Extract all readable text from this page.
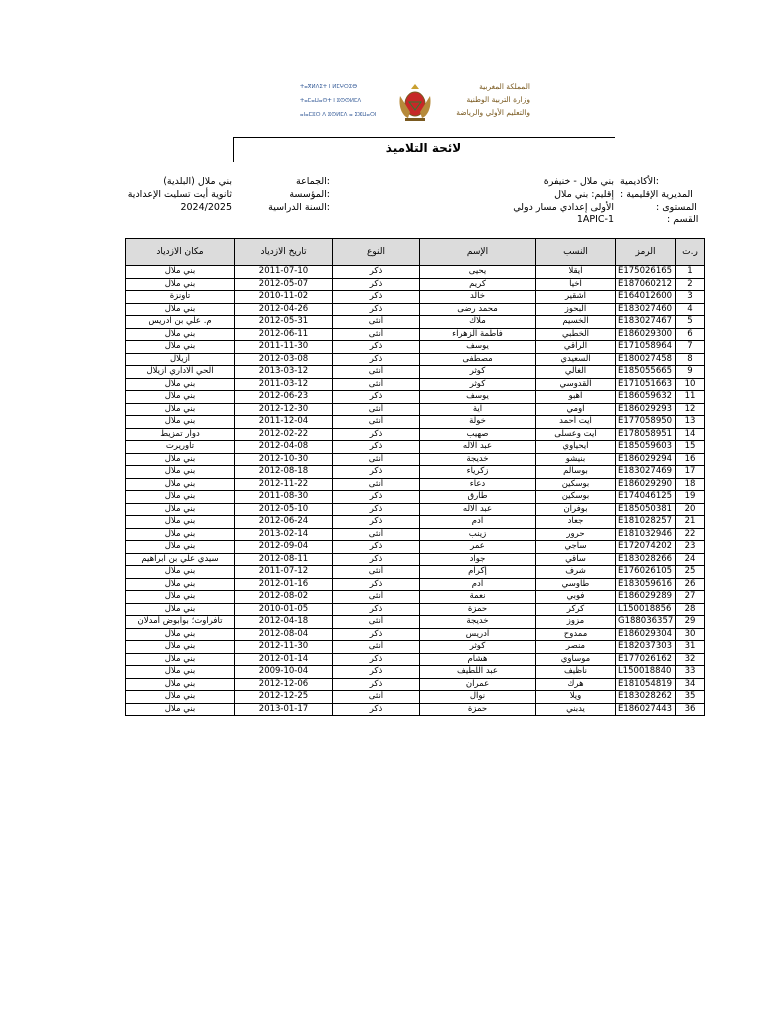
ⵜⴰⴳⵍⴷⵉⵜ ⵏ ⵍⵎⵖⵔⵉⴱ
ⵜⴰⵎⴰⵡⴰⵙⵜ ⵏ ⵓⵙⵙⵍⵎⴷ
ⴰⵏⴰⵎⵓⵔ ⴷ ⵓⵙⵍⵎⴷ ⴰ ⵉⵣⵡⴰⵔⵏ
المملكة المغربية
وزارة التربية الوطنية
والتعليم الأولي والرياضة
لائحة التلاميذ
:الأكاديمية
بني ملال - خنيفرة
المديرية الإقليمية :
إقليم: بني ملال
المستوى :
الأولى إعدادي مسار دولي
القسم :
1APIC-1
:الجماعة
بني ملال (البلدية)
:المؤسسة
ثانوية أيت تسليت الإعدادية
:السنة الدراسية
2024/2025
مكان الازدياد	تاريخ الازدياد	النوع	الإسم	النسب	الرمز	ر.ت
بني ملال	2011-07-10	ذكر	يحيى	ايقلا	E175026165	1
بني ملال	2012-05-07	ذكر	كريم	اخيا	E187060212	2
تاونزة	2010-11-02	ذكر	خالد	اشقير	E164012600	3
بني ملال	2012-04-26	ذكر	محمد رضى	البحوز	E183027460	4
م. علي بن ادريس	2012-05-31	أنثى	ملاك	الخسيم	E183027467	5
بني ملال	2012-06-11	أنثى	فاطمة الزهراء	الخطبي	E186029300	6
بني ملال	2011-11-30	ذكر	يوسف	الراقي	E171058964	7
أزيلال	2012-03-08	ذكر	مصطفى	السعيدي	E180027458	8
الحي الاداري ازيلال	2013-03-12	أنثى	كوثر	الغالي	E185055665	9
بني ملال	2011-03-12	أنثى	كوثر	القدوسي	E171051663	10
بني ملال	2012-06-23	ذكر	يوسف	اهبو	E186059632	11
بني ملال	2012-12-30	أنثى	آية	اومي	E186029293	12
بني ملال	2011-12-04	أنثى	خولة	ايت أحمد	E177058950	13
دوار تمزيط	2012-02-22	ذكر	صهيب	ايت وعسلى	E178058951	14
تاوريرت	2012-04-08	ذكر	عبد الاله	ايحياوي	E185059603	15
بني ملال	2012-10-30	أنثى	خديجة	بنيشو	E186029294	16
بني ملال	2012-08-18	ذكر	زكرياء	بوسالم	E183027469	17
بني ملال	2012-11-22	أنثى	دعاء	بوسكين	E186029290	18
بني ملال	2011-08-30	ذكر	طارق	بوسكين	E174046125	19
بني ملال	2012-05-10	ذكر	عبد الاله	بوفران	E185050381	20
بني ملال	2012-06-24	ذكر	آدم	جعاد	E181028257	21
بني ملال	2013-02-14	أنثى	زينب	حرور	E181032946	22
بني ملال	2012-09-04	ذكر	عمر	ساجي	E172074202	23
سيدي علي بن ابراهيم	2012-08-11	ذكر	جواد	ساقي	E183028266	24
بني ملال	2011-07-12	أنثى	إكرام	شرف	E176026105	25
بني ملال	2012-01-16	ذكر	آدم	طاوسي	E183059616	26
بني ملال	2012-08-02	أنثى	نعمة	فوبي	E186029289	27
بني ملال	2010-01-05	ذكر	حمزة	كركر	L150018856	28
تافراوت؛ بوابوض أمدلان	2012-04-18	أنثى	خديجة	مزوز	G188036357	29
بني ملال	2012-08-04	ذكر	ادريس	ممدوح	E186029304	30
بني ملال	2012-11-30	أنثى	كوثر	منصر	E182037303	31
بني ملال	2012-01-14	ذكر	هشام	موساوي	E177026162	32
بني ملال	2009-10-04	ذكر	عبد اللطيف	ناظيف	L150018840	33
بني ملال	2012-12-06	ذكر	عمران	هرك	E181054819	34
بني ملال	2012-12-25	أنثى	نوال	ويلا	E183028262	35
بني ملال	2013-01-17	ذكر	حمزة	يدبني	E186027443	36
